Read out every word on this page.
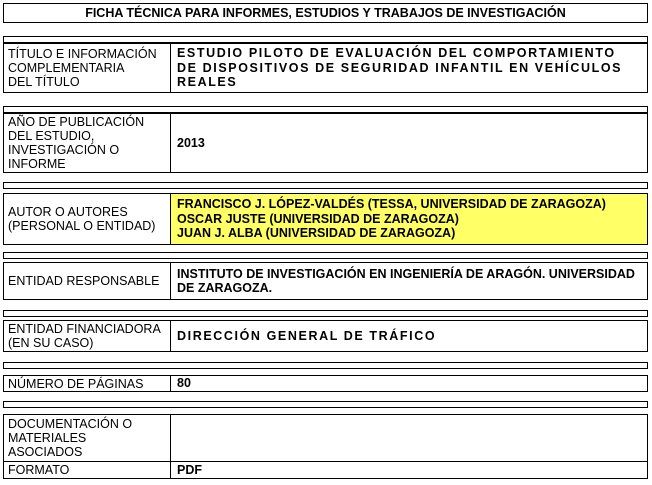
FICHA TÉCNICA PARA INFORMES, ESTUDIOS Y TRABAJOS DE INVESTIGACIÓN
TÍTULO E INFORMACIÓN
COMPLEMENTARIA
DEL TÍTULO
ESTUDIO PILOTO DE EVALUACIÓN DEL COMPORTAMIENTO DE DISPOSITIVOS DE SEGURIDAD INFANTIL EN VEHÍCULOS REALES
AÑO DE PUBLICACIÓN
DEL ESTUDIO,
INVESTIGACIÓN O
INFORME
2013
AUTOR O AUTORES
(PERSONAL O ENTIDAD)
FRANCISCO J. LÓPEZ-VALDÉS (TESSA, UNIVERSIDAD DE ZARAGOZA)
OSCAR JUSTE (UNIVERSIDAD DE ZARAGOZA)
JUAN J. ALBA (UNIVERSIDAD DE ZARAGOZA)
ENTIDAD RESPONSABLE
INSTITUTO DE INVESTIGACIÓN EN INGENIERÍA DE ARAGÓN. UNIVERSIDAD DE ZARAGOZA.
ENTIDAD FINANCIADORA
(EN SU CASO)
DIRECCIÓN GENERAL DE TRÁFICO
NÚMERO DE PÁGINAS	80
DOCUMENTACIÓN O
MATERIALES
ASOCIADOS
FORMATO	PDF
